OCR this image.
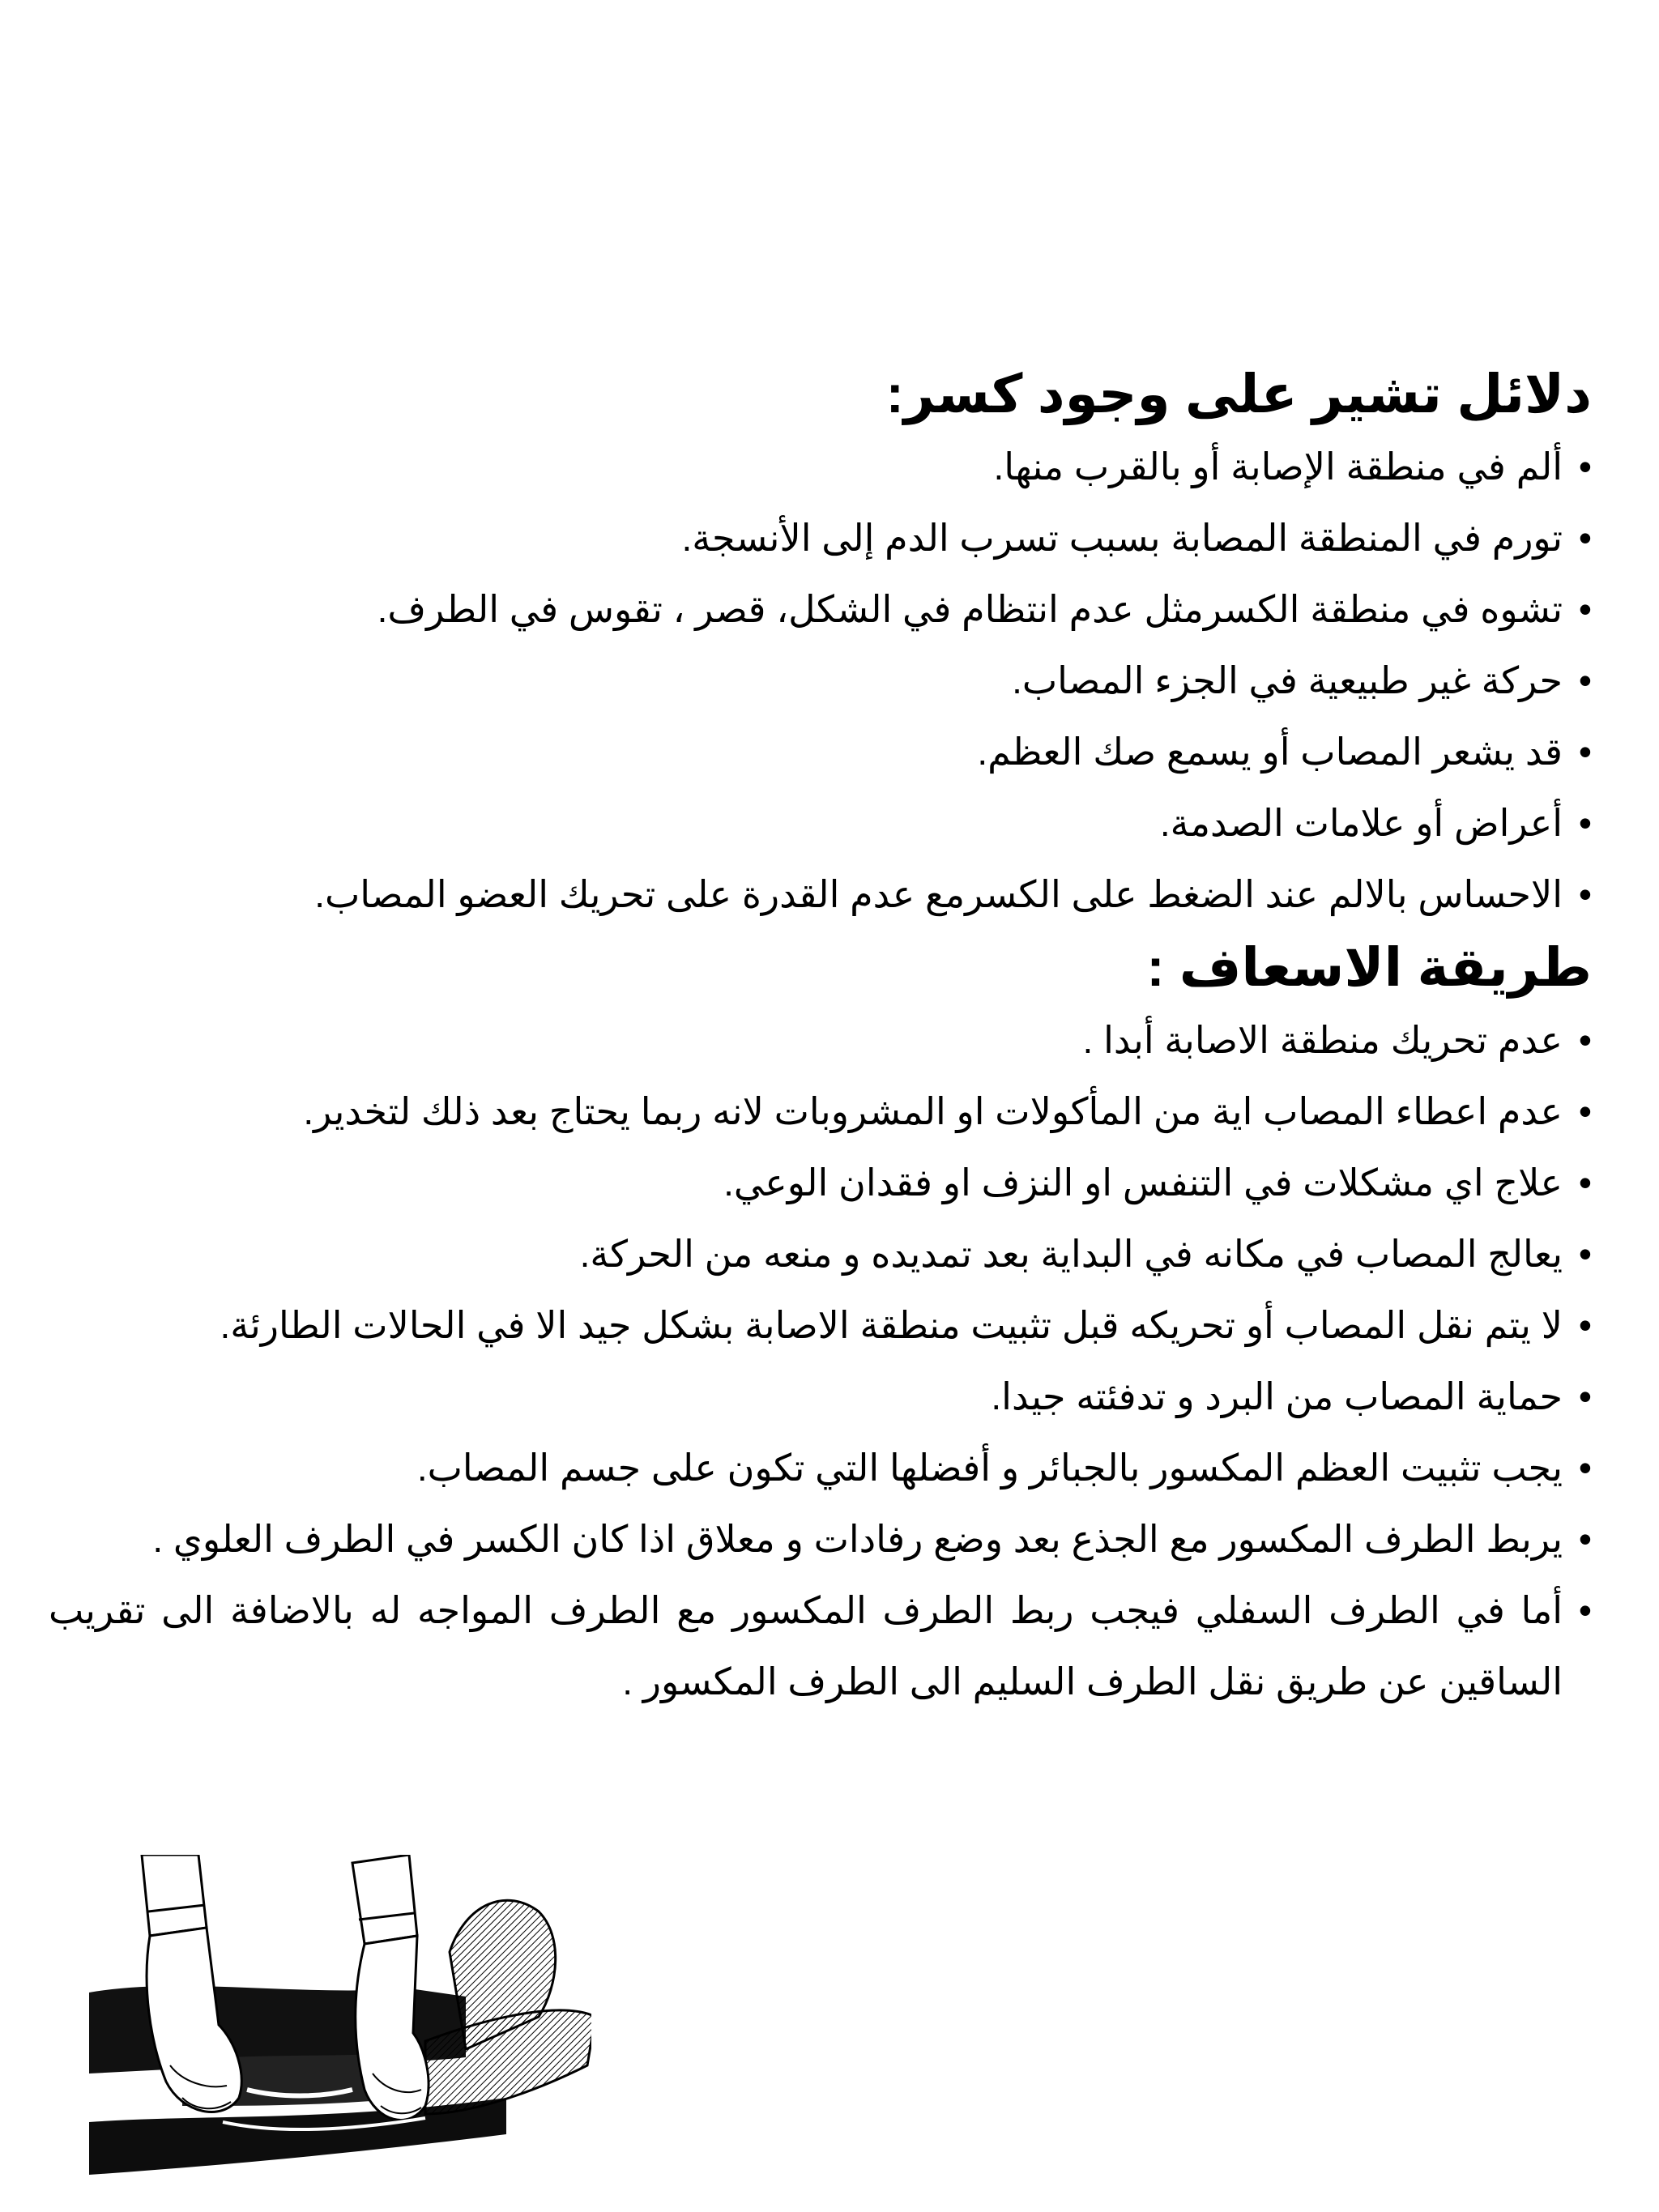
دلائل تشير على وجود كسر:
• ألم في منطقة الإصابة أو بالقرب منها.
• تورم في المنطقة المصابة بسبب تسرب الدم إلى الأنسجة.
• تشوه في منطقة الكسرمثل عدم انتظام في الشكل، قصر ، تقوس في الطرف.
• حركة غير طبيعية في الجزء المصاب.
• قد يشعر المصاب أو يسمع صك العظم.
• أعراض أو علامات الصدمة.
• الاحساس بالالم عند الضغط على الكسرمع عدم القدرة على تحريك العضو المصاب.
طريقة الاسعاف :
• عدم تحريك منطقة الاصابة أبدا .
• عدم اعطاء المصاب اية من المأكولات او المشروبات لانه ربما يحتاج بعد ذلك لتخدير.
• علاج اي مشكلات في التنفس او النزف او فقدان الوعي.
• يعالج المصاب في مكانه في البداية بعد تمديده و منعه من الحركة.
• لا يتم نقل المصاب أو تحريكه قبل تثبيت منطقة الاصابة بشكل جيد الا في الحالات الطارئة.
• حماية المصاب من البرد و تدفئته جيدا.
• يجب تثبيت العظم المكسور بالجبائر و أفضلها التي تكون على جسم المصاب.
• يربط الطرف المكسور مع الجذع بعد وضع رفادات و معلاق اذا كان الكسر في الطرف العلوي .
• أما في الطرف السفلي فيجب ربط الطرف المكسور مع الطرف المواجه له بالاضافة الى تقريب الساقين عن طريق نقل الطرف السليم الى الطرف المكسور .
